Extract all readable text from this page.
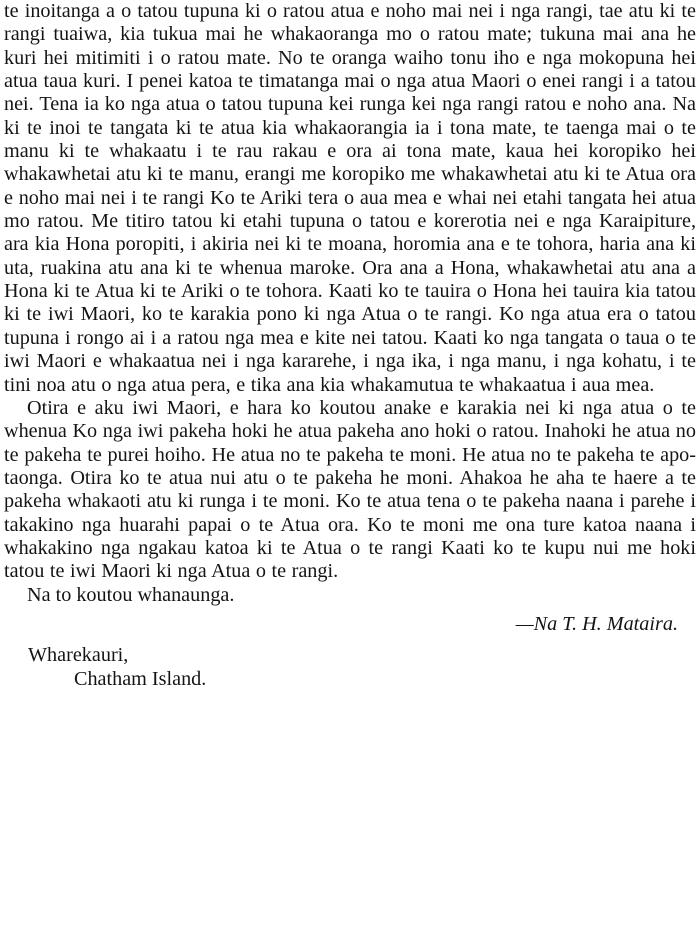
te inoitanga a o tatou tupuna ki o ratou atua e noho mai nei i nga rangi, tae atu ki te rangi tuaiwa, kia tukua mai he whakaoranga mo o ratou mate; tukuna mai ana he kuri hei mitimiti i o ratou mate. No te oranga waiho tonu iho e nga mokopuna hei atua taua kuri. I penei katoa te timatanga mai o nga atua Maori o enei rangi i a tatou nei. Tena ia ko nga atua o tatou tupuna kei runga kei nga rangi ratou e noho ana. Na ki te inoi te tangata ki te atua kia whakaorangia ia i tona mate, te taenga mai o te manu ki te whakaatu i te rau rakau e ora ai tona mate, kaua hei koropiko hei whakawhetai atu ki te manu, erangi me koropiko me whakawhetai atu ki te Atua ora e noho mai nei i te rangi Ko te Ariki tera o aua mea e whai nei etahi tangata hei atua mo ratou. Me titiro tatou ki etahi tupuna o tatou e korerotia nei e nga Karaipiture, ara kia Hona poropiti, i akiria nei ki te moana, horomia ana e te tohora, haria ana ki uta, ruakina atu ana ki te whenua maroke. Ora ana a Hona, whakawhetai atu ana a Hona ki te Atua ki te Ariki o te tohora. Kaati ko te tauira o Hona hei tauira kia tatou ki te iwi Maori, ko te karakia pono ki nga Atua o te rangi. Ko nga atua era o tatou tupuna i rongo ai i a ratou nga mea e kite nei tatou. Kaati ko nga tangata o taua o te iwi Maori e whakaatua nei i nga kararehe, i nga ika, i nga manu, i nga kohatu, i te tini noa atu o nga atua pera, e tika ana kia whakamutua te whakaatua i aua mea.

Otira e aku iwi Maori, e hara ko koutou anake e karakia nei ki nga atua o te whenua Ko nga iwi pakeha hoki he atua pakeha ano hoki o ratou. Inahoki he atua no te pakeha te purei hoiho. He atua no te pakeha te moni. He atua no te pakeha te apo-taonga. Otira ko te atua nui atu o te pakeha he moni. Ahakoa he aha te haere a te pakeha whakaoti atu ki runga i te moni. Ko te atua tena o te pakeha naana i parehe i takakino nga huarahi papai o te Atua ora. Ko te moni me ona ture katoa naana i whakakino nga ngakau katoa ki te Atua o te rangi Kaati ko te kupu nui me hoki tatou te iwi Maori ki nga Atua o te rangi.

Na to koutou whanaunga.

—Na T. H. Mataira.

Wharekauri,
Chatham Island.
